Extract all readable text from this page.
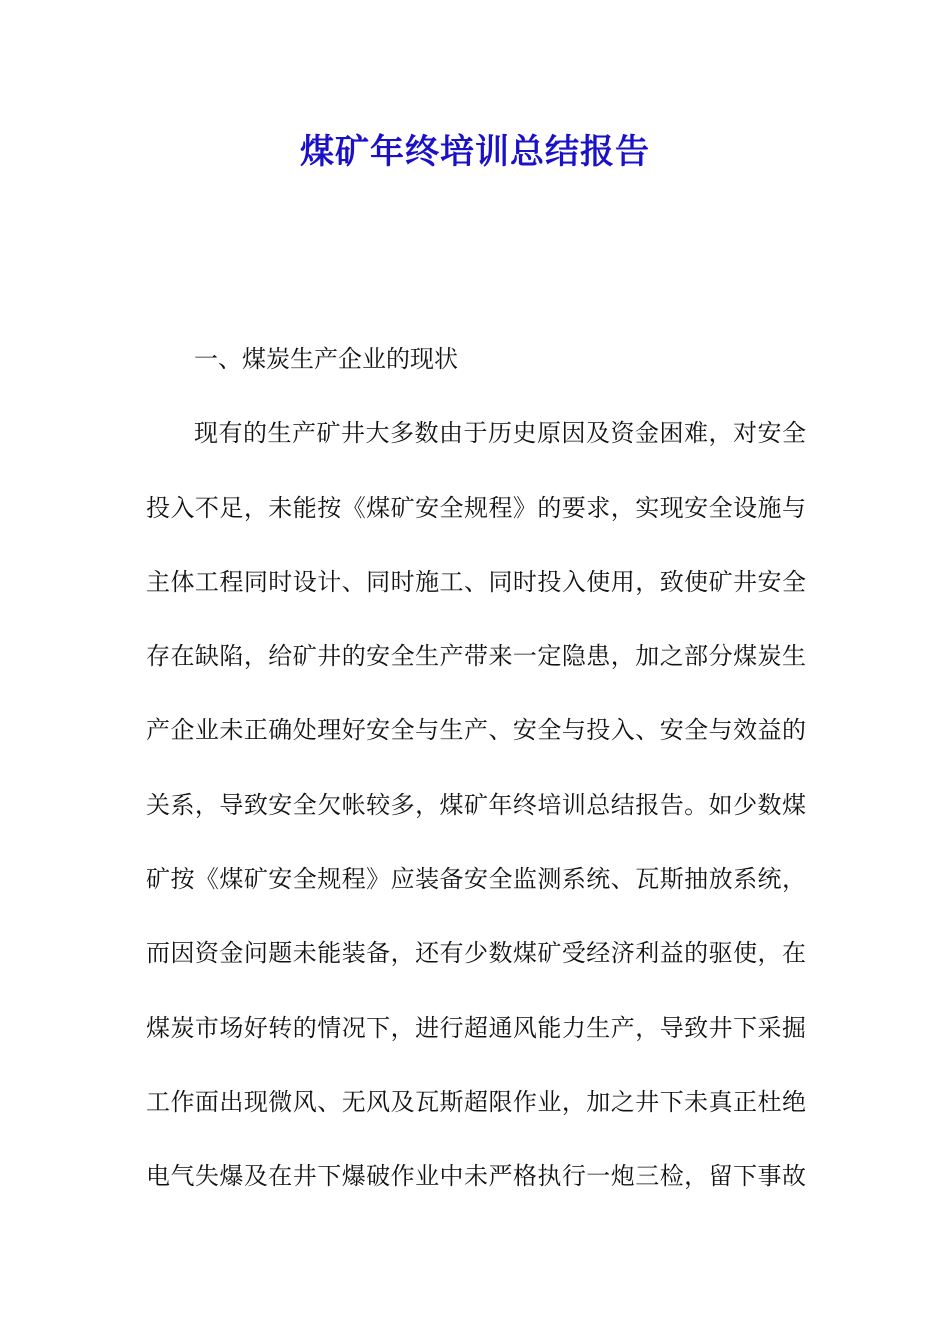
煤矿年终培训总结报告
一、煤炭生产企业的现状
现有的生产矿井大多数由于历史原因及资金困难，对安全
投入不足，未能按《煤矿安全规程》的要求，实现安全设施与
主体工程同时设计、同时施工、同时投入使用，致使矿井安全
存在缺陷，给矿井的安全生产带来一定隐患，加之部分煤炭生
产企业未正确处理好安全与生产、安全与投入、安全与效益的
关系，导致安全欠帐较多，煤矿年终培训总结报告。如少数煤
矿按《煤矿安全规程》应装备安全监测系统、瓦斯抽放系统，
而因资金问题未能装备，还有少数煤矿受经济利益的驱使，在
煤炭市场好转的情况下，进行超通风能力生产，导致井下采掘
工作面出现微风、无风及瓦斯超限作业，加之井下未真正杜绝
电气失爆及在井下爆破作业中未严格执行一炮三检，留下事故
